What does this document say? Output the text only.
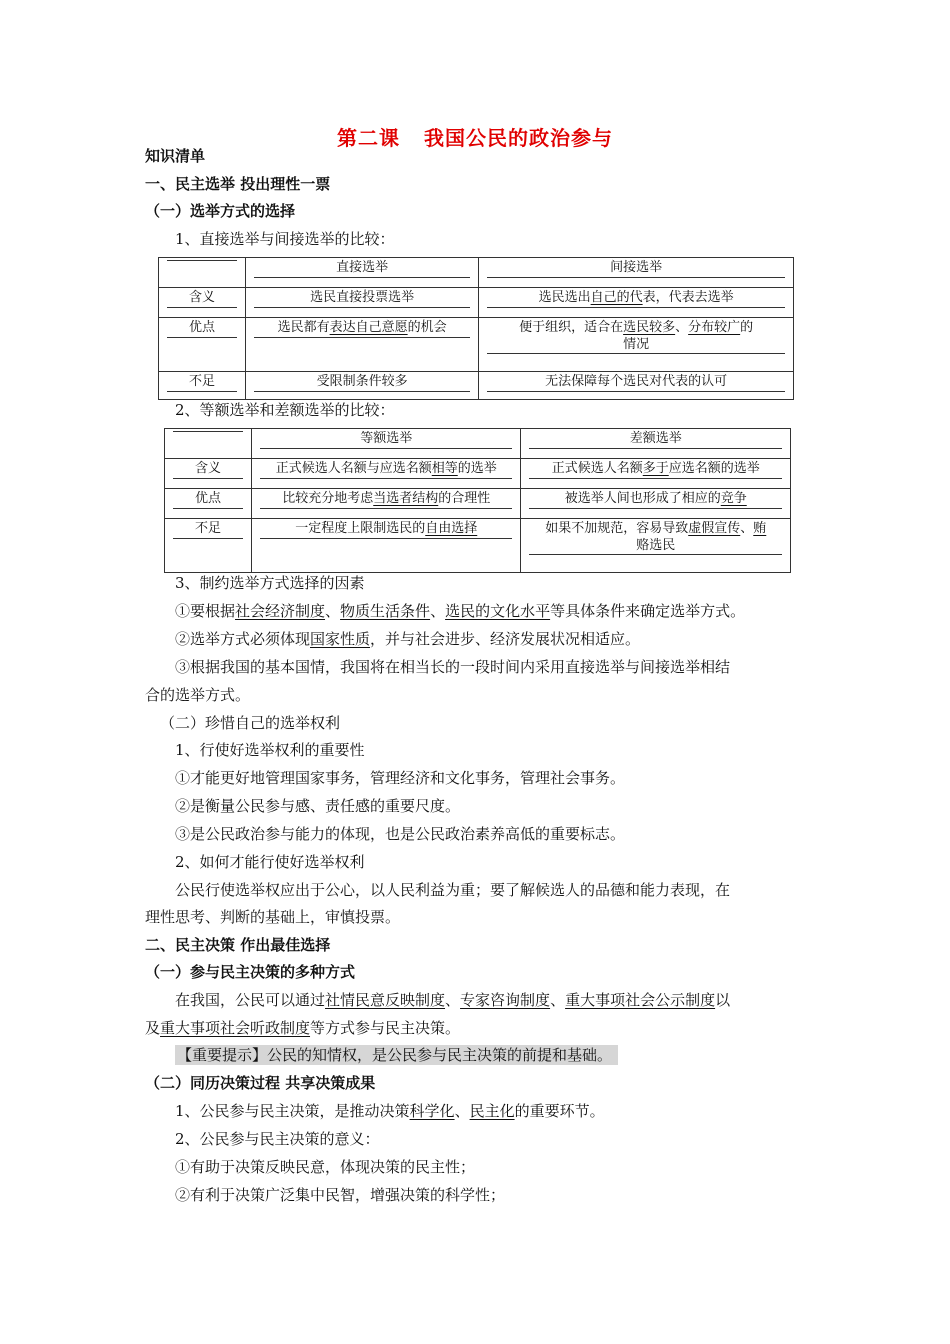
第二课 我国公民的政治参与
知识清单
一、民主选举 投出理性一票
（一）选举方式的选择
1、直接选举与间接选举的比较：

	直接选举	间接选举

含义	选民直接投票选举	选民选出自己的代表，代表去选举

优点	选民都有表达自己意愿的机会	便于组织，适合在选民较多、分布较广的
情况

不足	受限制条件较多	无法保障每个选民对代表的认可
2、等额选举和差额选举的比较：

	等额选举	差额选举

含义	正式候选人名额与应选名额相等的选举	正式候选人名额多于应选名额的选举

优点	比较充分地考虑当选者结构的合理性	被选举人间也形成了相应的竞争

不足	一定程度上限制选民的自由选择	如果不加规范，容易导致虚假宣传、贿
赂选民
3、制约选举方式选择的因素
①要根据社会经济制度、物质生活条件、选民的文化水平等具体条件来确定选举方式。
②选举方式必须体现国家性质，并与社会进步、经济发展状况相适应。
③根据我国的基本国情，我国将在相当长的一段时间内采用直接选举与间接选举相结
合的选举方式。
（二）珍惜自己的选举权利
1、行使好选举权利的重要性
①才能更好地管理国家事务，管理经济和文化事务，管理社会事务。
②是衡量公民参与感、责任感的重要尺度。
③是公民政治参与能力的体现，也是公民政治素养高低的重要标志。
2、如何才能行使好选举权利
公民行使选举权应出于公心，以人民利益为重；要了解候选人的品德和能力表现，在
理性思考、判断的基础上，审慎投票。
二、民主决策 作出最佳选择
（一）参与民主决策的多种方式
在我国，公民可以通过社情民意反映制度、专家咨询制度、重大事项社会公示制度以
及重大事项社会听政制度等方式参与民主决策。
【重要提示】公民的知情权，是公民参与民主决策的前提和基础。
（二）同历决策过程 共享决策成果
1、公民参与民主决策，是推动决策科学化、民主化的重要环节。
2、公民参与民主决策的意义：
①有助于决策反映民意，体现决策的民主性；
②有利于决策广泛集中民智，增强决策的科学性；
